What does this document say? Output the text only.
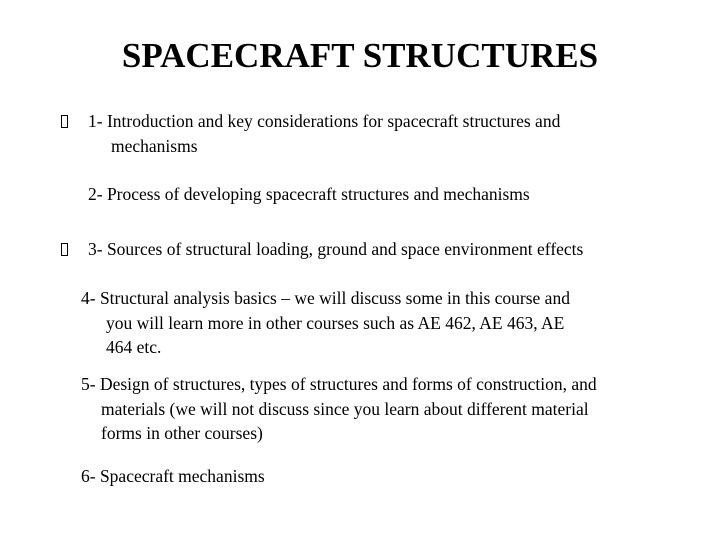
SPACECRAFT STRUCTURES
1- Introduction and key considerations for spacecraft structures and
mechanisms
2- Process of developing spacecraft structures and mechanisms
3- Sources of structural loading, ground and space environment effects
4- Structural analysis basics – we will discuss some in this course and
you will learn more in other courses such as AE 462, AE 463, AE
464 etc.
5- Design of structures, types of structures and forms of construction, and
materials (we will not discuss since you learn about different material
forms in other courses)
6- Spacecraft mechanisms
